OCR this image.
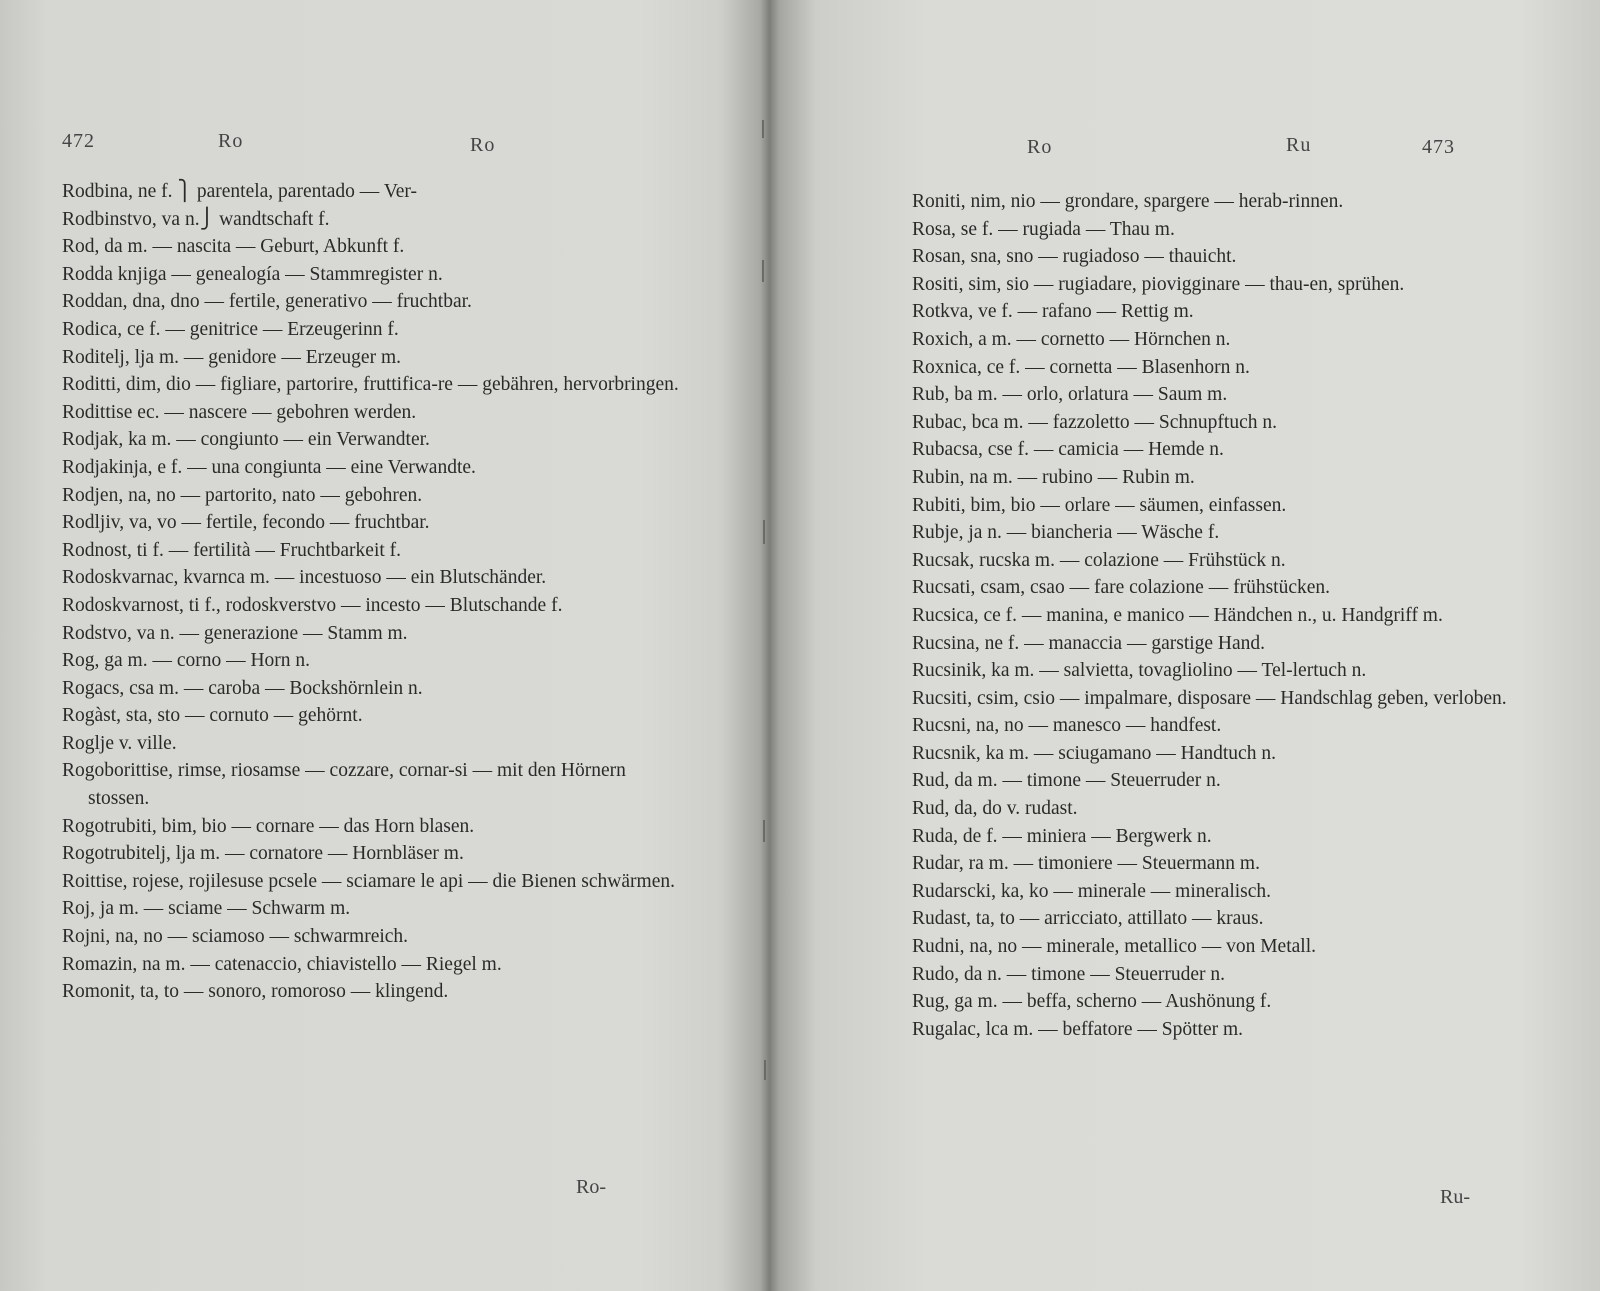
472	Ro	Ro
Rodbina, ne f. ⎫ parentela, parentado — Ver-
Rodbinstvo, va n.⎭ wandtschaft f.
Rod, da m. — nascita — Geburt, Abkunft f.
Rodda knjiga — genealogía — Stammregister n.
Roddan, dna, dno — fertile, generativo — fruchtbar.
Rodica, ce f. — genitrice — Erzeugerinn f.
Roditelj, lja m. — genidore — Erzeuger m.
Roditti, dim, dio — figliare, partorire, fruttifica-re — gebähren, hervorbringen.
Rodittise ec. — nascere — gebohren werden.
Rodjak, ka m. — congiunto — ein Verwandter.
Rodjakinja, e f. — una congiunta — eine Verwandte.
Rodjen, na, no — partorito, nato — gebohren.
Rodljiv, va, vo — fertile, fecondo — fruchtbar.
Rodnost, ti f. — fertilità — Fruchtbarkeit f.
Rodoskvarnac, kvarnca m. — incestuoso — ein Blutschänder.
Rodoskvarnost, ti f., rodoskverstvo — incesto — Blutschande f.
Rodstvo, va n. — generazione — Stamm m.
Rog, ga m. — corno — Horn n.
Rogacs, csa m. — caroba — Bockshörnlein n.
Rogàst, sta, sto — cornuto — gehörnt.
Roglje v. ville.
Rogoborittise, rimse, riosamse — cozzare, cornar-si — mit den Hörnern stossen.
Rogotrubiti, bim, bio — cornare — das Horn blasen.
Rogotrubitelj, lja m. — cornatore — Hornbläser m.
Roittise, rojese, rojilesuse pcsele — sciamare le api — die Bienen schwärmen.
Roj, ja m. — sciame — Schwarm m.
Rojni, na, no — sciamoso — schwarmreich.
Romazin, na m. — catenaccio, chiavistello — Riegel m.
Romonit, ta, to — sonoro, romoroso — klingend.
Ro-
Ro	Ru	473
Roniti, nim, nio — grondare, spargere — herab-rinnen.
Rosa, se f. — rugiada — Thau m.
Rosan, sna, sno — rugiadoso — thauicht.
Rositi, sim, sio — rugiadare, piovigginare — thau-en, sprühen.
Rotkva, ve f. — rafano — Rettig m.
Roxich, a m. — cornetto — Hörnchen n.
Roxnica, ce f. — cornetta — Blasenhorn n.
Rub, ba m. — orlo, orlatura — Saum m.
Rubac, bca m. — fazzoletto — Schnupftuch n.
Rubacsa, cse f. — camicia — Hemde n.
Rubin, na m. — rubino — Rubin m.
Rubiti, bim, bio — orlare — säumen, einfassen.
Rubje, ja n. — biancheria — Wäsche f.
Rucsak, rucska m. — colazione — Frühstück n.
Rucsati, csam, csao — fare colazione — frühstücken.
Rucsica, ce f. — manina, e manico — Händchen n., u. Handgriff m.
Rucsina, ne f. — manaccia — garstige Hand.
Rucsinik, ka m. — salvietta, tovagliolino — Tel-lertuch n.
Rucsiti, csim, csio — impalmare, disposare — Handschlag geben, verloben.
Rucsni, na, no — manesco — handfest.
Rucsnik, ka m. — sciugamano — Handtuch n.
Rud, da m. — timone — Steuerruder n.
Rud, da, do v. rudast.
Ruda, de f. — miniera — Bergwerk n.
Rudar, ra m. — timoniere — Steuermann m.
Rudarscki, ka, ko — minerale — mineralisch.
Rudast, ta, to — arricciato, attillato — kraus.
Rudni, na, no — minerale, metallico — von Metall.
Rudo, da n. — timone — Steuerruder n.
Rug, ga m. — beffa, scherno — Aushönung f.
Rugalac, lca m. — beffatore — Spötter m.
Ru-
